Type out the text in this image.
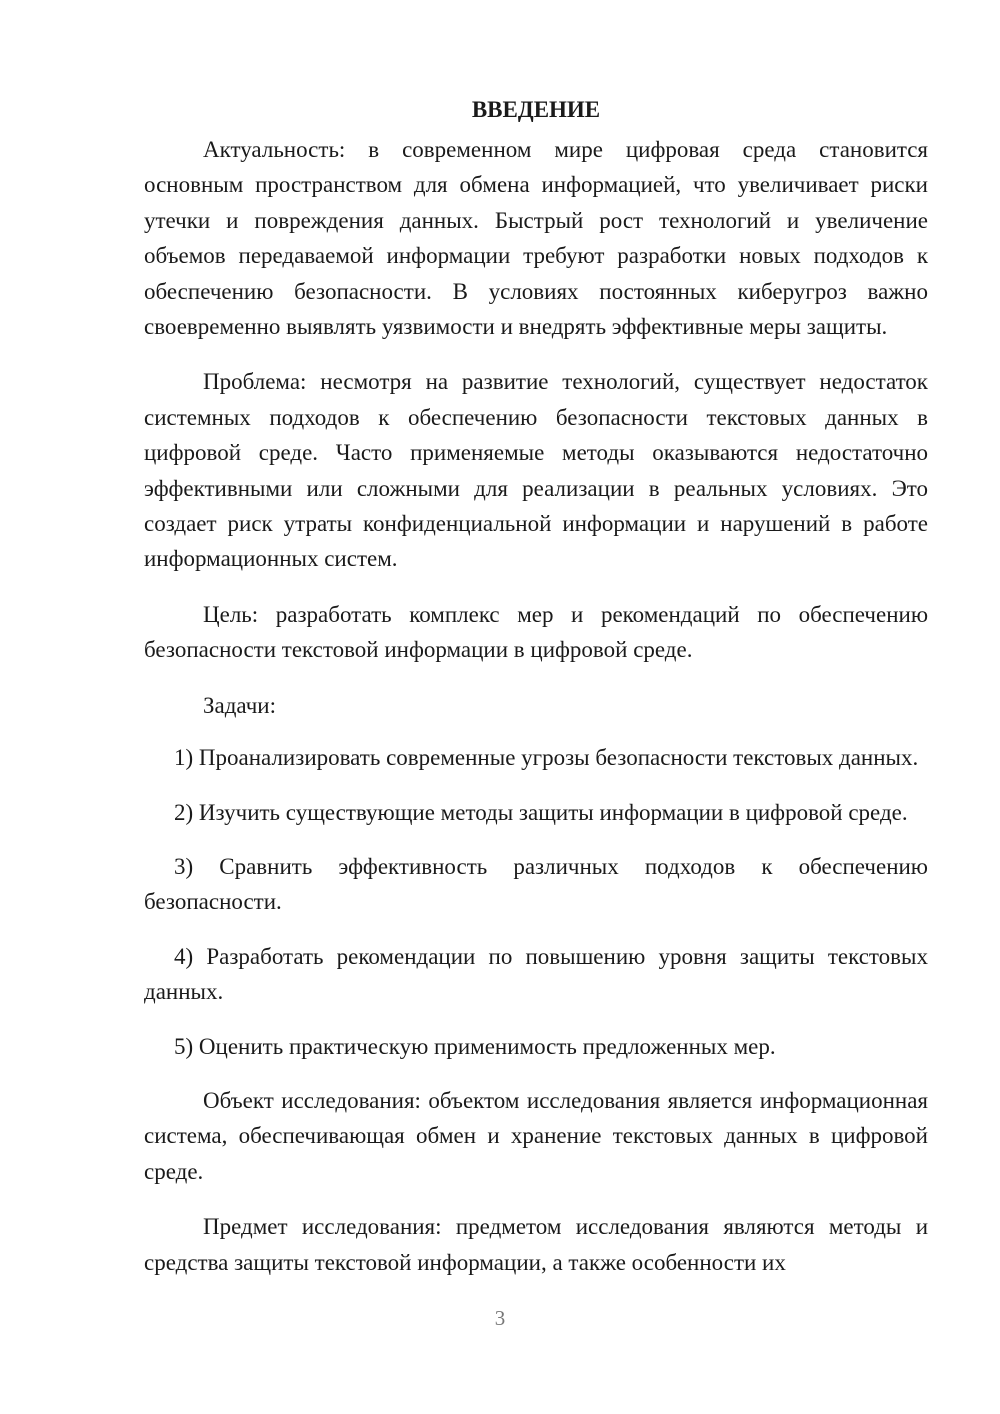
ВВЕДЕНИЕ

Актуальность: в современном мире цифровая среда становится основным пространством для обмена информацией, что увеличивает риски утечки и повреждения данных. Быстрый рост технологий и увеличение объемов передаваемой информации требуют разработки новых подходов к обеспечению безопасности. В условиях постоянных киберугроз важно своевременно выявлять уязвимости и внедрять эффективные меры защиты.

Проблема: несмотря на развитие технологий, существует недостаток системных подходов к обеспечению безопасности текстовых данных в цифровой среде. Часто применяемые методы оказываются недостаточно эффективными или сложными для реализации в реальных условиях. Это создает риск утраты конфиденциальной информации и нарушений в работе информационных систем.

Цель: разработать комплекс мер и рекомендаций по обеспечению безопасности текстовой информации в цифровой среде.

Задачи:

1) Проанализировать современные угрозы безопасности текстовых данных.

2) Изучить существующие методы защиты информации в цифровой среде.

3) Сравнить эффективность различных подходов к обеспечению безопасности.

4) Разработать рекомендации по повышению уровня защиты текстовых данных.

5) Оценить практическую применимость предложенных мер.

Объект исследования: объектом исследования является информационная система, обеспечивающая обмен и хранение текстовых данных в цифровой среде.

Предмет исследования: предметом исследования являются методы и средства защиты текстовой информации, а также особенности их

3
